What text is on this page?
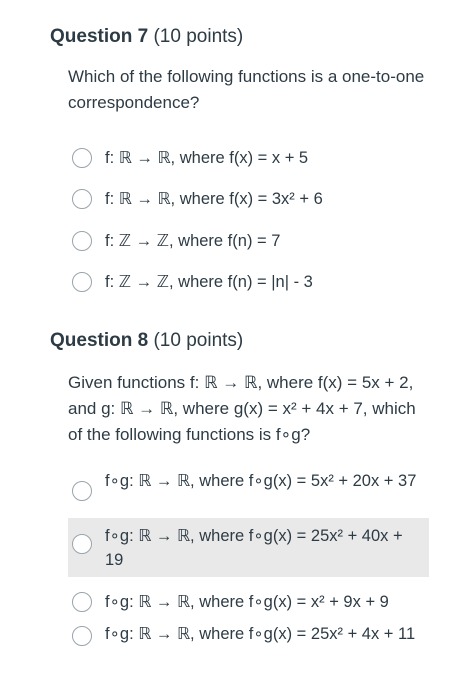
Question 7 (10 points)
Which of the following functions is a one-to-one correspondence?
f: ℝ → ℝ, where f(x) = x + 5
f: ℝ → ℝ, where f(x) = 3x² + 6
f: ℤ → ℤ, where f(n) = 7
f: ℤ → ℤ, where f(n) = |n| - 3
Question 8 (10 points)
Given functions f: ℝ → ℝ, where f(x) = 5x + 2, and g: ℝ → ℝ, where g(x) = x² + 4x + 7, which of the following functions is f∘g?
f∘g: ℝ → ℝ, where f∘g(x) = 5x² + 20x + 37
f∘g: ℝ → ℝ, where f∘g(x) = 25x² + 40x + 19
f∘g: ℝ → ℝ, where f∘g(x) = x² + 9x + 9
f∘g: ℝ → ℝ, where f∘g(x) = 25x² + 4x + 11
